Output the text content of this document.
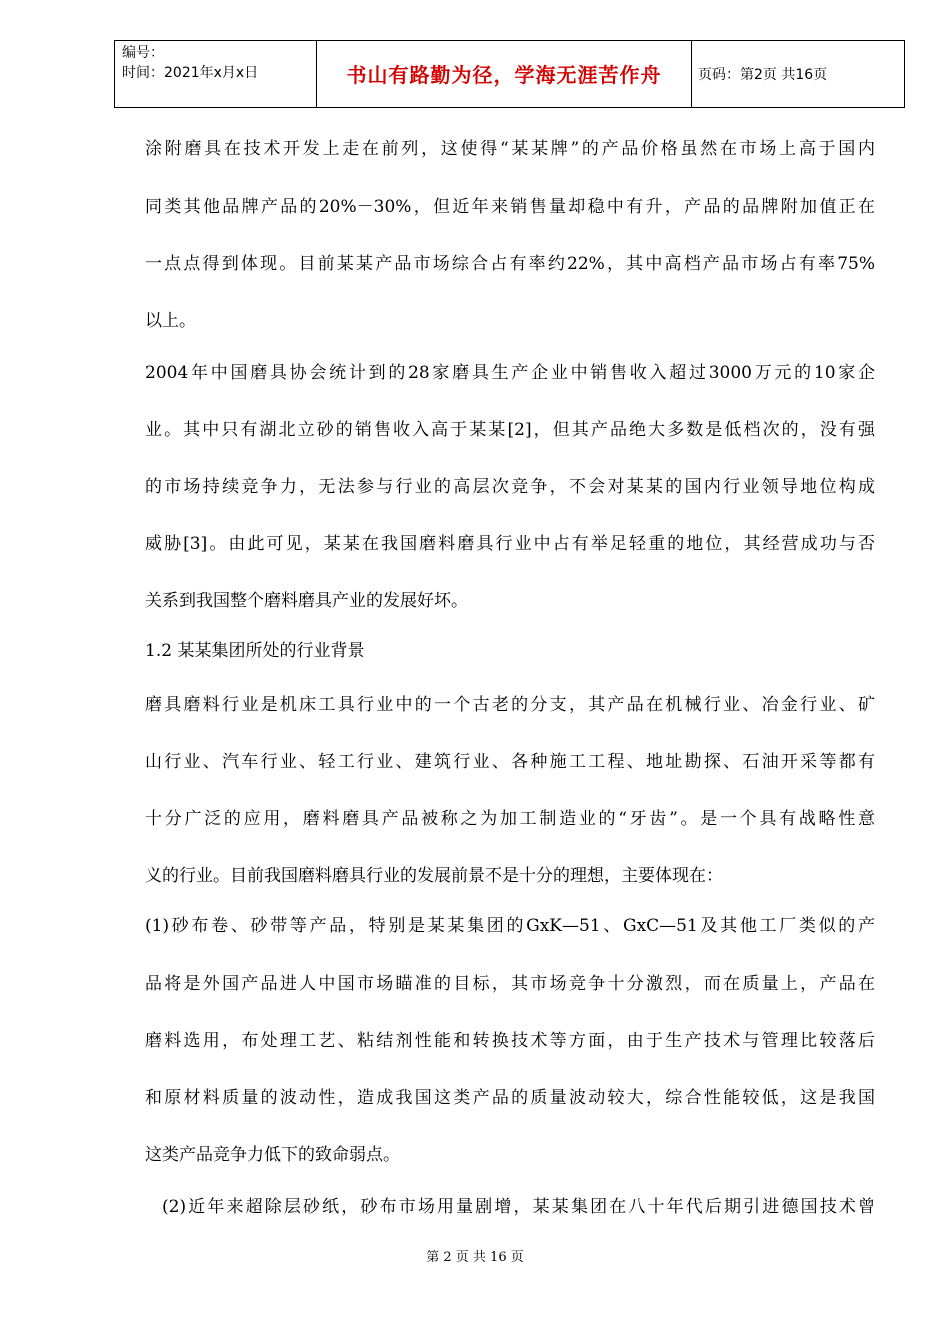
编号：
时间：2021年x月x日	书山有路勤为径，学海无涯苦作舟	页码：第2页 共16页
涂附磨具在技术开发上走在前列，这使得“某某牌”的产品价格虽然在市场上高于国内
同类其他品牌产品的20%－30%，但近年来销售量却稳中有升，产品的品牌附加值正在
一点点得到体现。目前某某产品市场综合占有率约22%，其中高档产品市场占有率75%
以上。
2004年中国磨具协会统计到的28家磨具生产企业中销售收入超过3000万元的10家企
业。其中只有湖北立砂的销售收入高于某某[2]，但其产品绝大多数是低档次的，没有强
的市场持续竞争力，无法参与行业的高层次竞争，不会对某某的国内行业领导地位构成
威胁[3]。由此可见，某某在我国磨料磨具行业中占有举足轻重的地位，其经营成功与否
关系到我国整个磨料磨具产业的发展好坏。
1.2 某某集团所处的行业背景
磨具磨料行业是机床工具行业中的一个古老的分支，其产品在机械行业、冶金行业、矿
山行业、汽车行业、轻工行业、建筑行业、各种施工工程、地址勘探、石油开采等都有
十分广泛的应用，磨料磨具产品被称之为加工制造业的“牙齿”。是一个具有战略性意
义的行业。目前我国磨料磨具行业的发展前景不是十分的理想，主要体现在：
(1)砂布卷、砂带等产品，特别是某某集团的GxK—51、GxC—51及其他工厂类似的产
品将是外国产品进人中国市场瞄准的目标，其市场竞争十分激烈，而在质量上，产品在
磨料选用，布处理工艺、粘结剂性能和转换技术等方面，由于生产技术与管理比较落后
和原材料质量的波动性，造成我国这类产品的质量波动较大，综合性能较低，这是我国
这类产品竞争力低下的致命弱点。
(2)近年来超除层砂纸，砂布市场用量剧增，某某集团在八十年代后期引进德国技术曾
第 2 页 共 16 页
